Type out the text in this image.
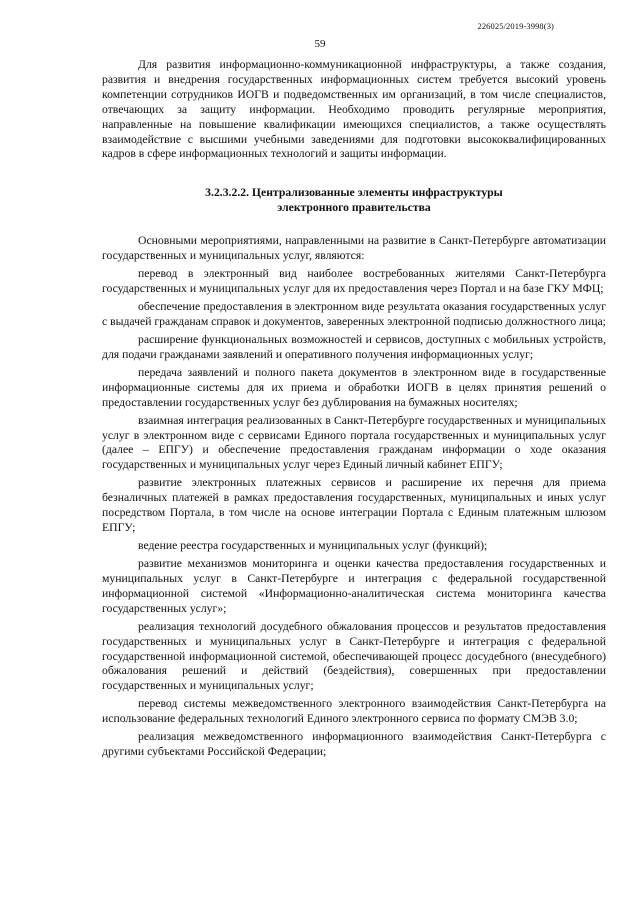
226025/2019-3998(3)
59

Для развития информационно-коммуникационной инфраструктуры, а также создания, развития и внедрения государственных информационных систем требуется высокий уровень компетенции сотрудников ИОГВ и подведомственных им организаций, в том числе специалистов, отвечающих за защиту информации. Необходимо проводить регулярные мероприятия, направленные на повышение квалификации имеющихся специалистов, а также осуществлять взаимодействие с высшими учебными заведениями для подготовки высококвалифицированных кадров в сфере информационных технологий и защиты информации.

3.2.3.2.2. Централизованные элементы инфраструктуры
электронного правительства

Основными мероприятиями, направленными на развитие в Санкт-Петербурге автоматизации государственных и муниципальных услуг, являются:

перевод в электронный вид наиболее востребованных жителями Санкт-Петербурга государственных и муниципальных услуг для их предоставления через Портал и на базе ГКУ МФЦ;

обеспечение предоставления в электронном виде результата оказания государственных услуг с выдачей гражданам справок и документов, заверенных электронной подписью должностного лица;

расширение функциональных возможностей и сервисов, доступных с мобильных устройств, для подачи гражданами заявлений и оперативного получения информационных услуг;

передача заявлений и полного пакета документов в электронном виде в государственные информационные системы для их приема и обработки ИОГВ в целях принятия решений о предоставлении государственных услуг без дублирования на бумажных носителях;

взаимная интеграция реализованных в Санкт-Петербурге государственных и муниципальных услуг в электронном виде с сервисами Единого портала государственных и муниципальных услуг (далее – ЕПГУ) и обеспечение предоставления гражданам информации о ходе оказания государственных и муниципальных услуг через Единый личный кабинет ЕПГУ;

развитие электронных платежных сервисов и расширение их перечня для приема безналичных платежей в рамках предоставления государственных, муниципальных и иных услуг посредством Портала, в том числе на основе интеграции Портала с Единым платежным шлюзом ЕПГУ;

ведение реестра государственных и муниципальных услуг (функций);

развитие механизмов мониторинга и оценки качества предоставления государственных и муниципальных услуг в Санкт-Петербурге и интеграция с федеральной государственной информационной системой «Информационно-аналитическая система мониторинга качества государственных услуг»;

реализация технологий досудебного обжалования процессов и результатов предоставления государственных и муниципальных услуг в Санкт-Петербурге и интеграция с федеральной государственной информационной системой, обеспечивающей процесс досудебного (внесудебного) обжалования решений и действий (бездействия), совершенных при предоставлении государственных и муниципальных услуг;

перевод системы межведомственного электронного взаимодействия Санкт-Петербурга на использование федеральных технологий Единого электронного сервиса по формату СМЭВ 3.0;

реализация межведомственного информационного взаимодействия Санкт-Петербурга с другими субъектами Российской Федерации;
